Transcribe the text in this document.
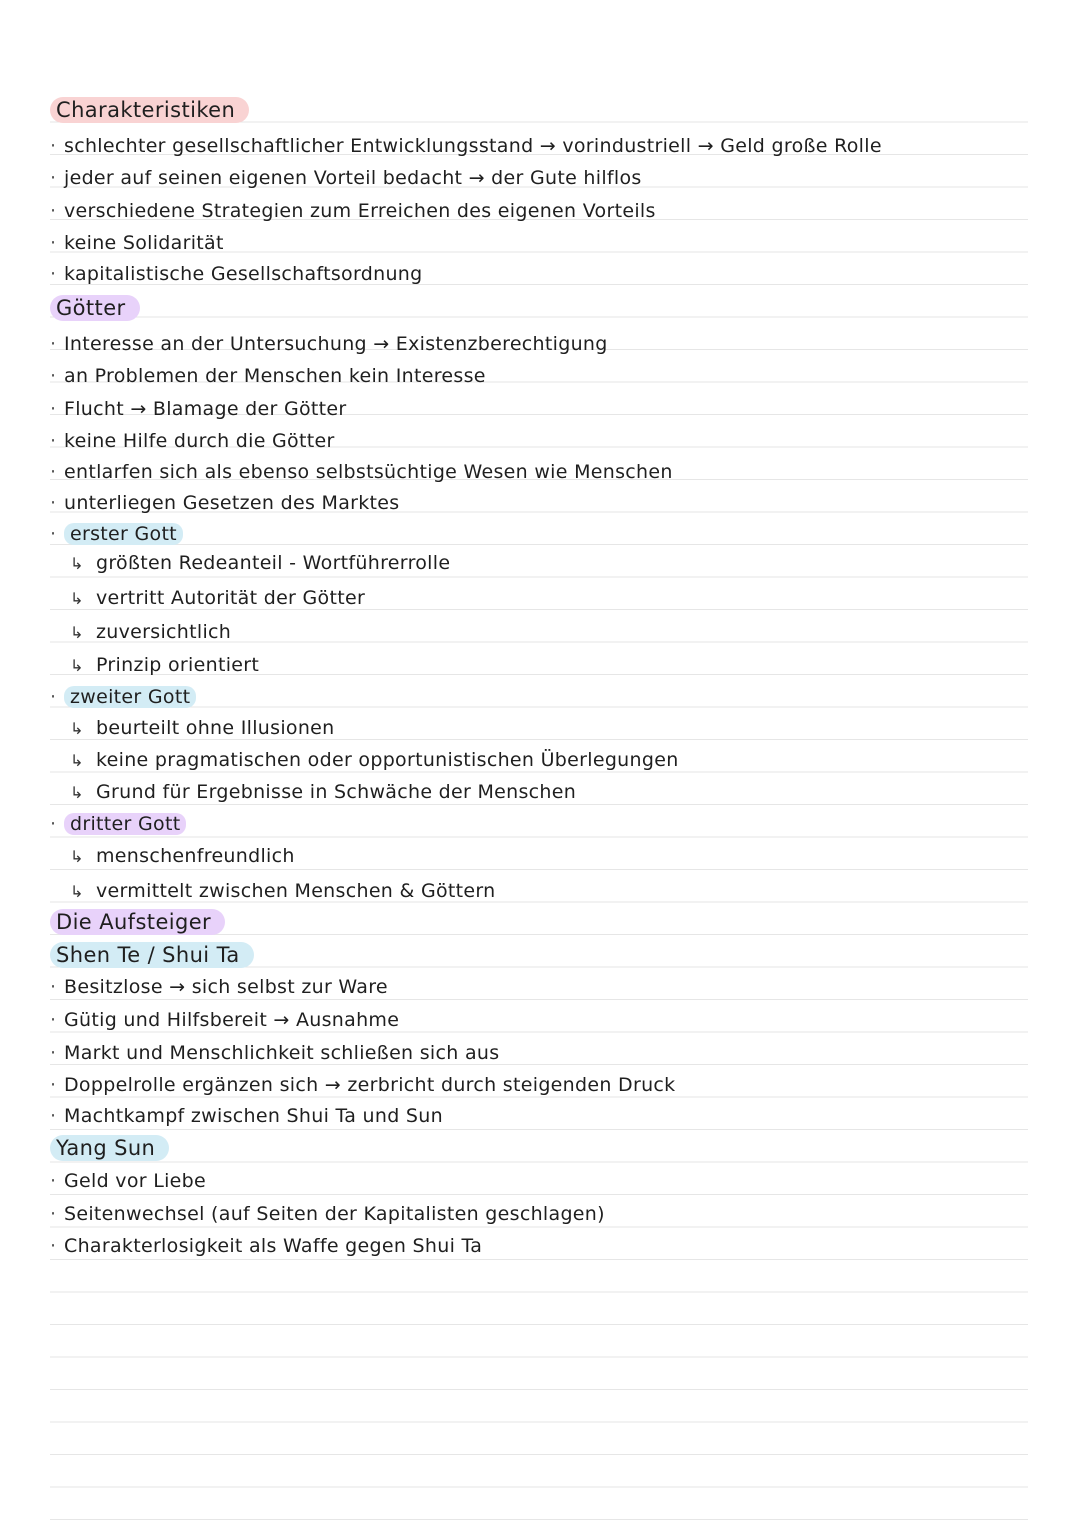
Charakteristiken
· schlechter gesellschaftlicher Entwicklungsstand → vorindustriell → Geld große Rolle
· jeder auf seinen eigenen Vorteil bedacht → der Gute hilflos
· verschiedene Strategien zum Erreichen des eigenen Vorteils
· keine Solidarität
· kapitalistische Gesellschaftsordnung
Götter
· Interesse an der Untersuchung → Existenzberechtigung
· an Problemen der Menschen kein Interesse
· Flucht → Blamage der Götter
· keine Hilfe durch die Götter
· entlarfen sich als ebenso selbstsüchtige Wesen wie Menschen
· unterliegen Gesetzen des Marktes
· erster Gott
↳ größten Redeanteil - Wortführerrolle
↳ vertritt Autorität der Götter
↳ zuversichtlich
↳ Prinzip orientiert
· zweiter Gott
↳ beurteilt ohne Illusionen
↳ keine pragmatischen oder opportunistischen Überlegungen
↳ Grund für Ergebnisse in Schwäche der Menschen
· dritter Gott
↳ menschenfreundlich
↳ vermittelt zwischen Menschen & Göttern
Die Aufsteiger
Shen Te / Shui Ta
· Besitzlose → sich selbst zur Ware
· Gütig und Hilfsbereit → Ausnahme
· Markt und Menschlichkeit schließen sich aus
· Doppelrolle ergänzen sich → zerbricht durch steigenden Druck
· Machtkampf zwischen Shui Ta und Sun
Yang Sun
· Geld vor Liebe
· Seitenwechsel (auf Seiten der Kapitalisten geschlagen)
· Charakterlosigkeit als Waffe gegen Shui Ta
